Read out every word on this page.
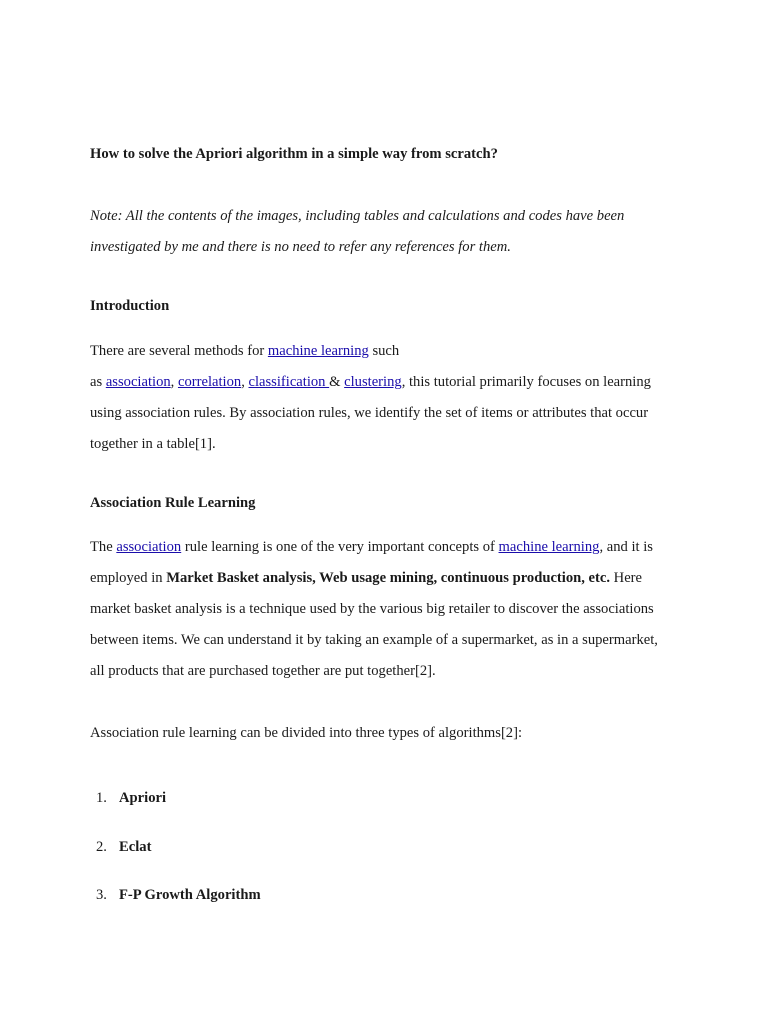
How to solve the Apriori algorithm in a simple way from scratch?
Note: All the contents of the images, including tables and calculations and codes have been
investigated by me and there is no need to refer any references for them.
Introduction
There are several methods for machine learning such
as association, correlation, classification & clustering, this tutorial primarily focuses on learning
using association rules. By association rules, we identify the set of items or attributes that occur
together in a table[1].
Association Rule Learning
The association rule learning is one of the very important concepts of machine learning, and it is
employed in Market Basket analysis, Web usage mining, continuous production, etc. Here
market basket analysis is a technique used by the various big retailer to discover the associations
between items. We can understand it by taking an example of a supermarket, as in a supermarket,
all products that are purchased together are put together[2].
Association rule learning can be divided into three types of algorithms[2]:
1. Apriori
2. Eclat
3. F-P Growth Algorithm
